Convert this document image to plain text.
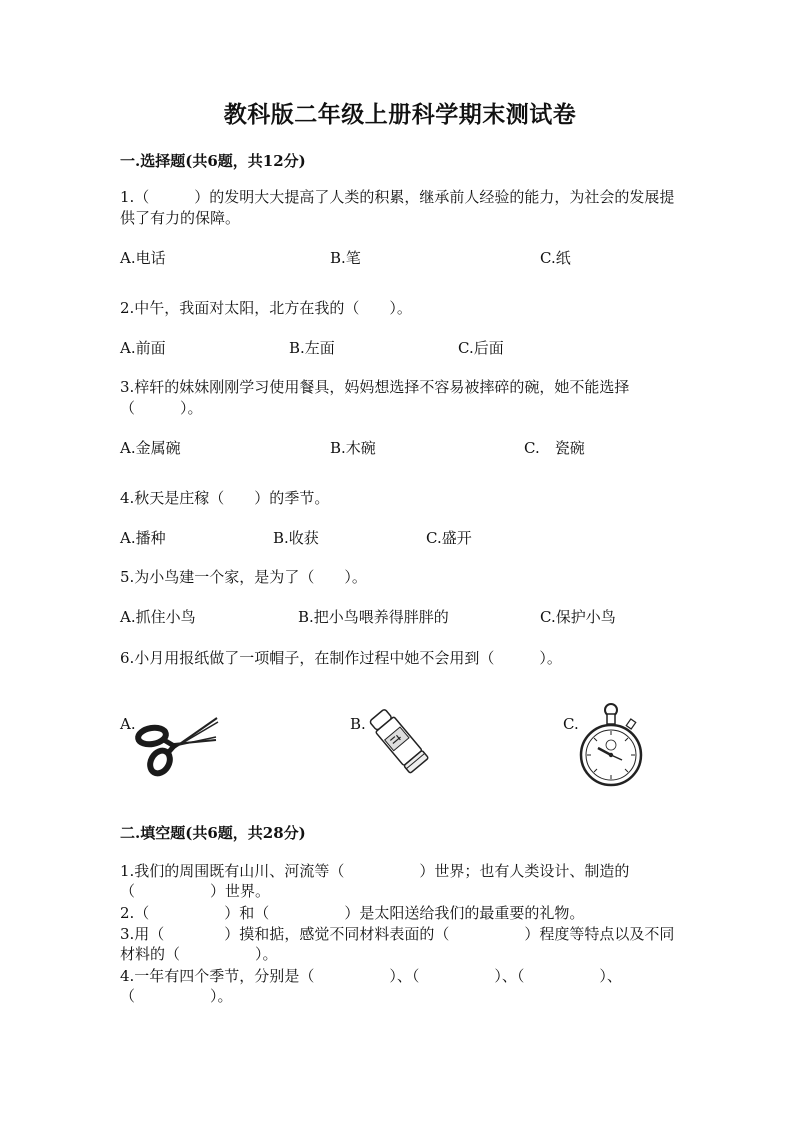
教科版二年级上册科学期末测试卷
一.选择题(共6题，共12分)
1.（　　　）的发明大大提高了人类的积累，继承前人经验的能力，为社会的发展提供了有力的保障。
A.电话	B.笔	C.纸
2.中午，我面对太阳，北方在我的（　　）。
A.前面	B.左面	C.后面
3.梓轩的妹妹刚刚学习使用餐具，妈妈想选择不容易被摔碎的碗，她不能选择（　　　）。
A.金属碗	B.木碗	C.　瓷碗
4.秋天是庄稼（　　）的季节。
A.播种	B.收获	C.盛开
5.为小鸟建一个家，是为了（　　）。
A.抓住小鸟	B.把小鸟喂养得胖胖的	C.保护小鸟
6.小月用报纸做了一项帽子，在制作过程中她不会用到（　　　）。
A.	B.	C.
二.填空题(共6题，共28分)
1.我们的周围既有山川、河流等（　　　　　）世界；也有人类设计、制造的（　　　　　）世界。
2.（　　　　　）和（　　　　　）是太阳送给我们的最重要的礼物。
3.用（　　　　）摸和掂，感觉不同材料表面的（　　　　　）程度等特点以及不同材料的（　　　　　）。
4.一年有四个季节，分别是（　　　　　）、（　　　　　）、（　　　　　）、（　　　　　）。
